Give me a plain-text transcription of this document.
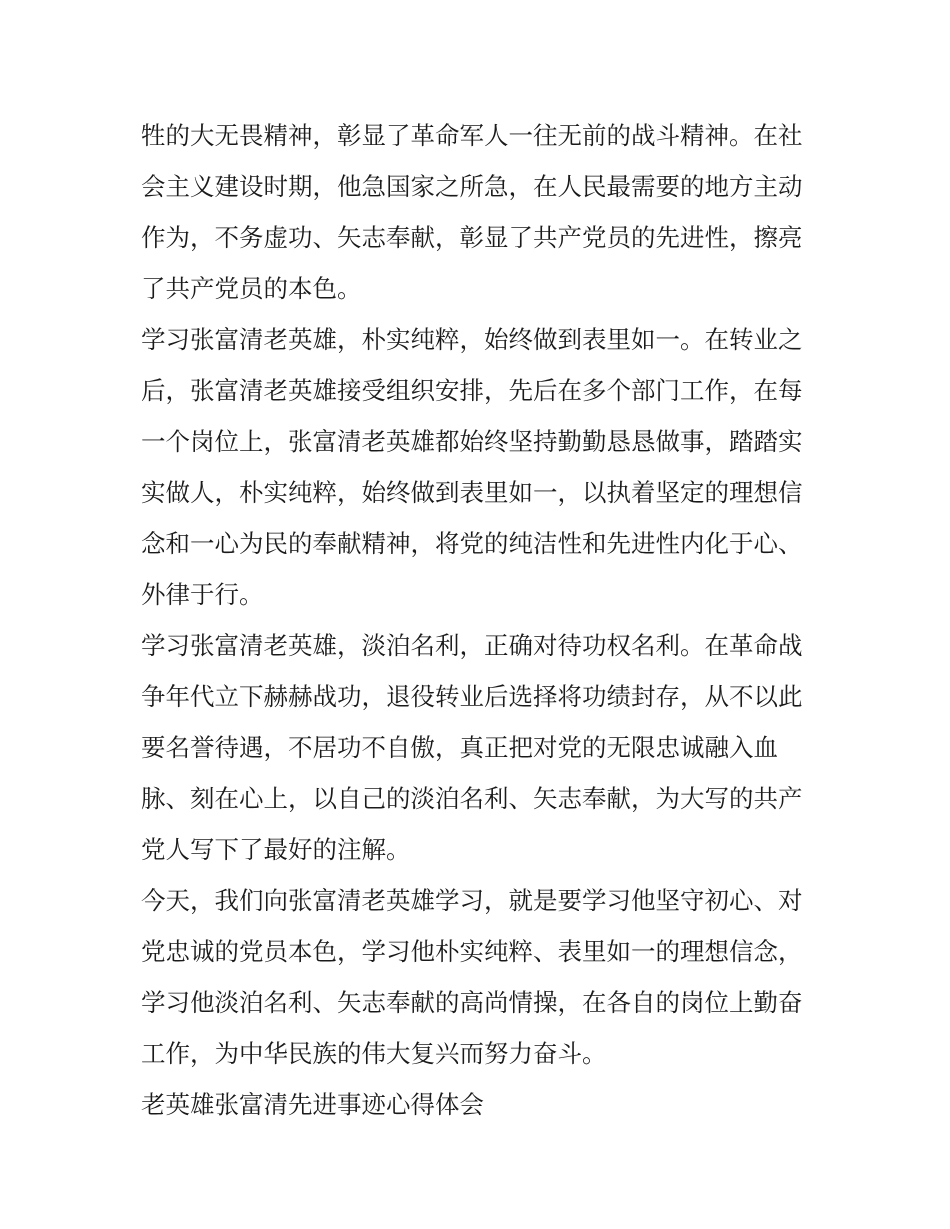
牲的大无畏精神，彰显了革命军人一往无前的战斗精神。在社
会主义建设时期，他急国家之所急，在人民最需要的地方主动
作为，不务虚功、矢志奉献，彰显了共产党员的先进性，擦亮
了共产党员的本色。
学习张富清老英雄，朴实纯粹，始终做到表里如一。在转业之
后，张富清老英雄接受组织安排，先后在多个部门工作，在每
一个岗位上，张富清老英雄都始终坚持勤勤恳恳做事，踏踏实
实做人，朴实纯粹，始终做到表里如一，以执着坚定的理想信
念和一心为民的奉献精神，将党的纯洁性和先进性内化于心、
外律于行。
学习张富清老英雄，淡泊名利，正确对待功权名利。在革命战
争年代立下赫赫战功，退役转业后选择将功绩封存，从不以此
要名誉待遇，不居功不自傲，真正把对党的无限忠诚融入血
脉、刻在心上，以自己的淡泊名利、矢志奉献，为大写的共产
党人写下了最好的注解。
今天，我们向张富清老英雄学习，就是要学习他坚守初心、对
党忠诚的党员本色，学习他朴实纯粹、表里如一的理想信念，
学习他淡泊名利、矢志奉献的高尚情操，在各自的岗位上勤奋
工作，为中华民族的伟大复兴而努力奋斗。
老英雄张富清先进事迹心得体会
